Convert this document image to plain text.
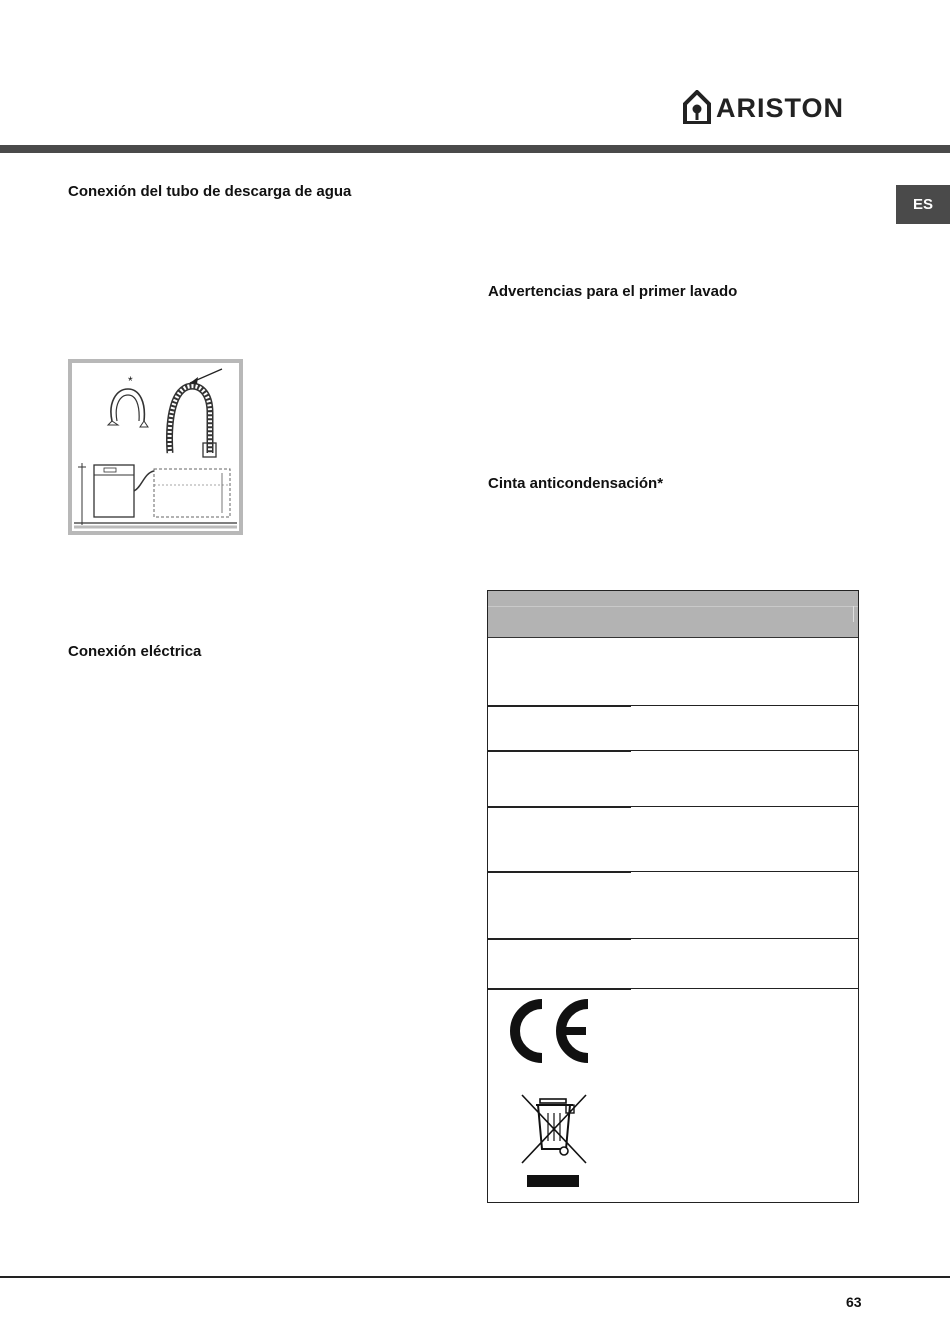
ARISTON
ES
Conexión del tubo de descarga de agua
Advertencias para el primer lavado
Cinta anticondensación*
Conexión eléctrica
*
63
